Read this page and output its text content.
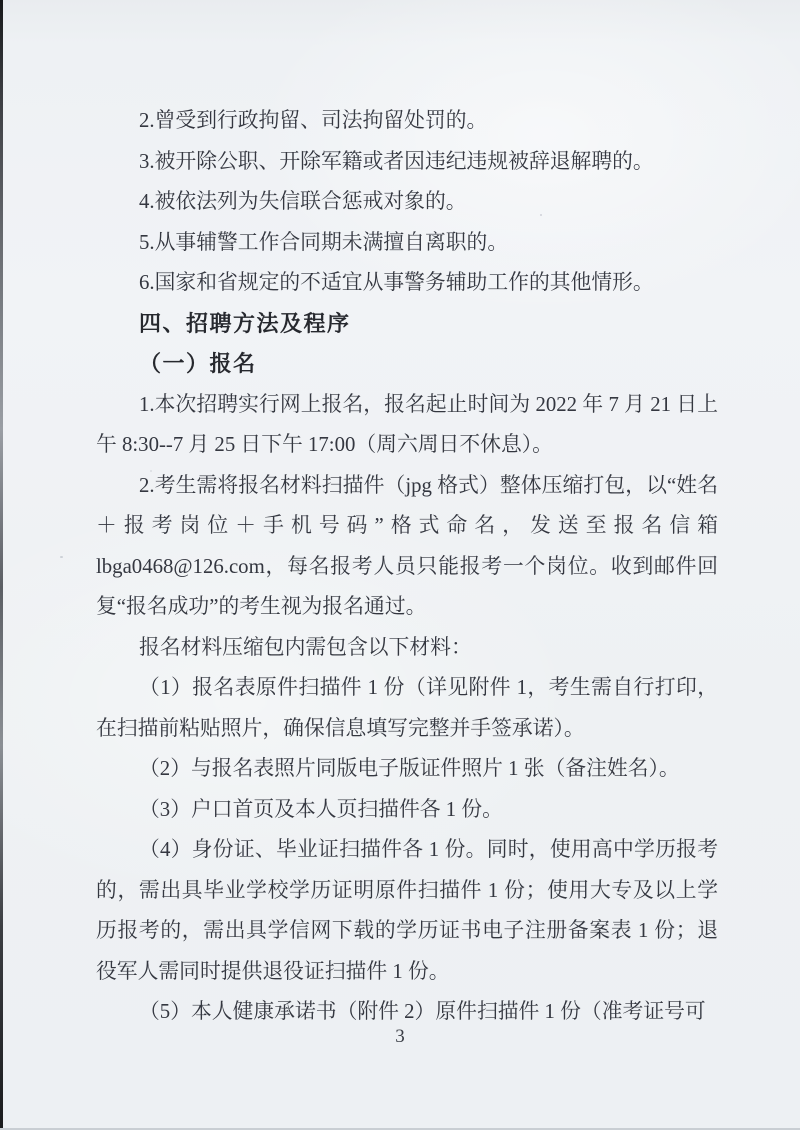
2.曾受到行政拘留、司法拘留处罚的。

3.被开除公职、开除军籍或者因违纪违规被辞退解聘的。

4.被依法列为失信联合惩戒对象的。

5.从事辅警工作合同期未满擅自离职的。

6.国家和省规定的不适宜从事警务辅助工作的其他情形。

四、招聘方法及程序

（一）报名

1.本次招聘实行网上报名，报名起止时间为 2022 年 7 月 21 日上午 8:30--7 月 25 日下午 17:00（周六周日不休息）。

2.考生需将报名材料扫描件（jpg 格式）整体压缩打包，以“姓名＋报考岗位＋手机号码”格式命名，发送至报名信箱 lbga0468@126.com，每名报考人员只能报考一个岗位。收到邮件回复“报名成功”的考生视为报名通过。

报名材料压缩包内需包含以下材料：

（1）报名表原件扫描件 1 份（详见附件 1，考生需自行打印，在扫描前粘贴照片，确保信息填写完整并手签承诺）。

（2）与报名表照片同版电子版证件照片 1 张（备注姓名）。

（3）户口首页及本人页扫描件各 1 份。

（4）身份证、毕业证扫描件各 1 份。同时，使用高中学历报考的，需出具毕业学校学历证明原件扫描件 1 份；使用大专及以上学历报考的，需出具学信网下载的学历证书电子注册备案表 1 份；退役军人需同时提供退役证扫描件 1 份。

（5）本人健康承诺书（附件 2）原件扫描件 1 份（准考证号可

3
